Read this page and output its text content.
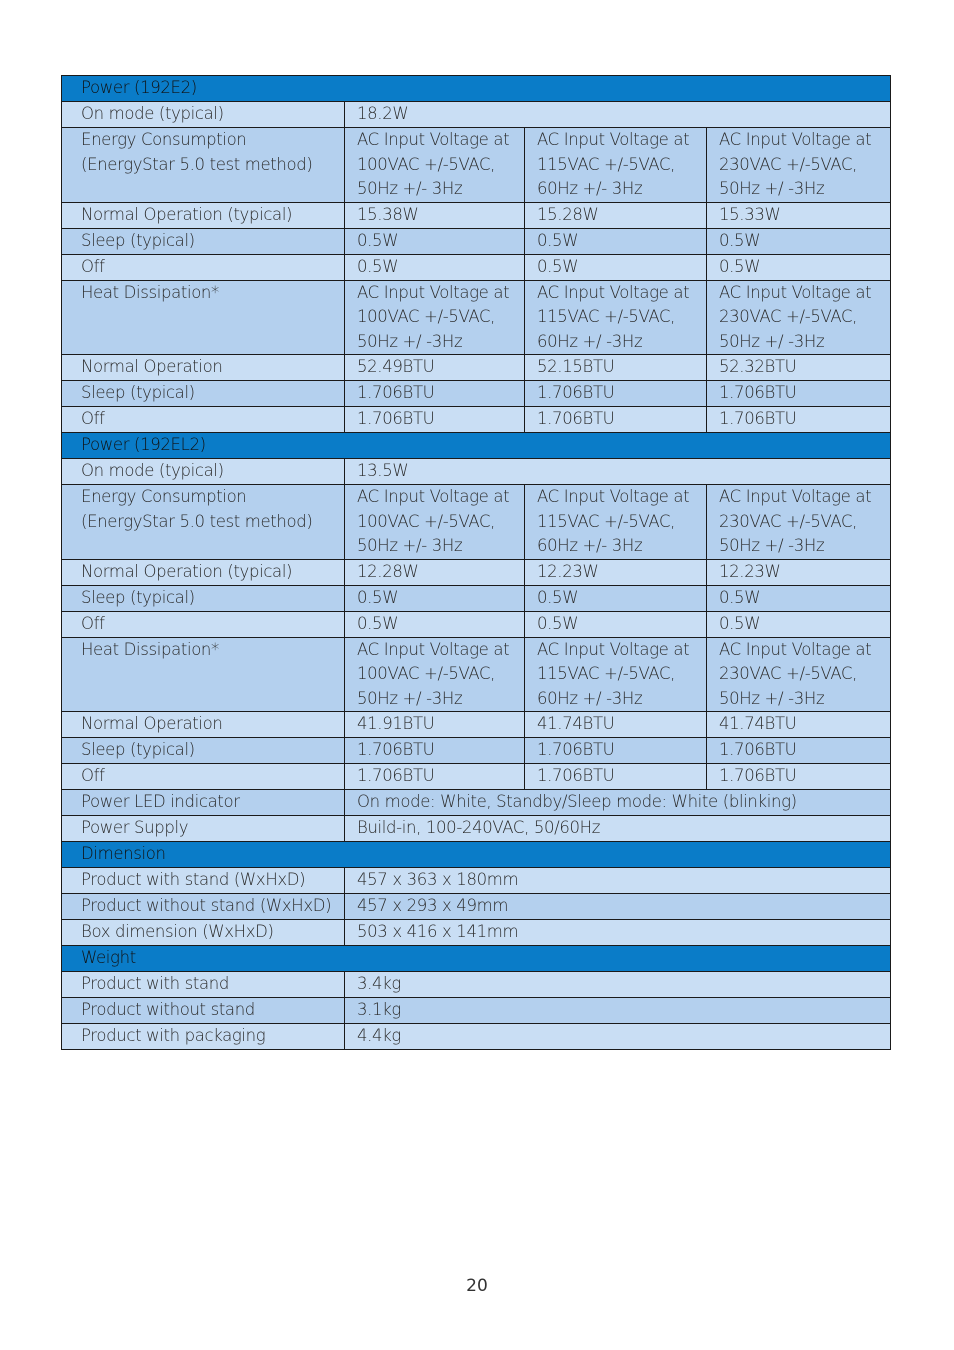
Power (192E2)			
On mode (typical)	18.2W		
Energy Consumption
(EnergyStar 5.0 test method)	AC Input Voltage at 100VAC +/-5VAC, 50Hz +/- 3Hz	AC Input Voltage at 115VAC +/-5VAC, 60Hz +/- 3Hz	AC Input Voltage at 230VAC +/-5VAC, 50Hz +/ -3Hz
Normal Operation (typical)	15.38W	15.28W	15.33W
Sleep (typical)	0.5W	0.5W	0.5W
Off	0.5W	0.5W	0.5W
Heat Dissipation*	AC Input Voltage at 100VAC +/-5VAC, 50Hz +/ -3Hz	AC Input Voltage at 115VAC +/-5VAC, 60Hz +/ -3Hz	AC Input Voltage at 230VAC +/-5VAC, 50Hz +/ -3Hz
Normal Operation	52.49BTU	52.15BTU	52.32BTU
Sleep (typical)	1.706BTU	1.706BTU	1.706BTU
Off	1.706BTU	1.706BTU	1.706BTU
Power (192EL2)			
On mode (typical)	13.5W		
Energy Consumption
(EnergyStar 5.0 test method)	AC Input Voltage at 100VAC +/-5VAC, 50Hz +/- 3Hz	AC Input Voltage at 115VAC +/-5VAC, 60Hz +/- 3Hz	AC Input Voltage at 230VAC +/-5VAC, 50Hz +/ -3Hz
Normal Operation (typical)	12.28W	12.23W	12.23W
Sleep (typical)	0.5W	0.5W	0.5W
Off	0.5W	0.5W	0.5W
Heat Dissipation*	AC Input Voltage at 100VAC +/-5VAC, 50Hz +/ -3Hz	AC Input Voltage at 115VAC +/-5VAC, 60Hz +/ -3Hz	AC Input Voltage at 230VAC +/-5VAC, 50Hz +/ -3Hz
Normal Operation	41.91BTU	41.74BTU	41.74BTU
Sleep (typical)	1.706BTU	1.706BTU	1.706BTU
Off	1.706BTU	1.706BTU	1.706BTU
Power LED indicator	On mode: White, Standby/Sleep mode: White (blinking)		
Power Supply	Build-in, 100-240VAC, 50/60Hz		
Dimension			
Product with stand (WxHxD)	457 x 363 x 180mm		
Product without stand (WxHxD)	457 x 293 x 49mm		
Box dimension (WxHxD)	503 x 416 x 141mm		
Weight			
Product with stand	3.4kg		
Product without stand	3.1kg		
Product with packaging	4.4kg		
20
